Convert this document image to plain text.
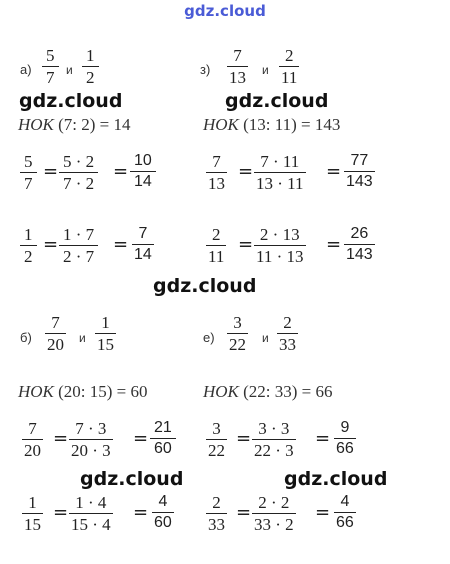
gdz.cloud
$а) \frac{5}{7}$ и $\frac{1}{2}$
НОК (7: 2) = 14
$\frac{5}{7} = \frac{5 \cdot 2}{7 \cdot 2} = \frac{10}{14}$
$\frac{1}{2} = \frac{1 \cdot 7}{2 \cdot 7} = \frac{7}{14}$
$з) \frac{7}{13}$ и $\frac{2}{11}$
НОК (13: 11) = 143
$\frac{7}{13} = \frac{7 \cdot 11}{13 \cdot 11} = \frac{77}{143}$
$\frac{2}{11} = \frac{2 \cdot 13}{11 \cdot 13} = \frac{26}{143}$
$б) \frac{7}{20}$ и $\frac{1}{15}$
НОК (20: 15) = 60
$\frac{7}{20} = \frac{7 \cdot 3}{20 \cdot 3} = \frac{21}{60}$
$\frac{1}{15} = \frac{1 \cdot 4}{15 \cdot 4} = \frac{4}{60}$
$е) \frac{3}{22}$ и $\frac{2}{33}$
НОК (22: 33) = 66
$\frac{3}{22} = \frac{3 \cdot 3}{22 \cdot 3} = \frac{9}{66}$
$\frac{2}{33} = \frac{2 \cdot 2}{33 \cdot 2} = \frac{4}{66}$
gdz.cloud	gdz.cloud
gdz.cloud
gdz.cloud	gdz.cloud
